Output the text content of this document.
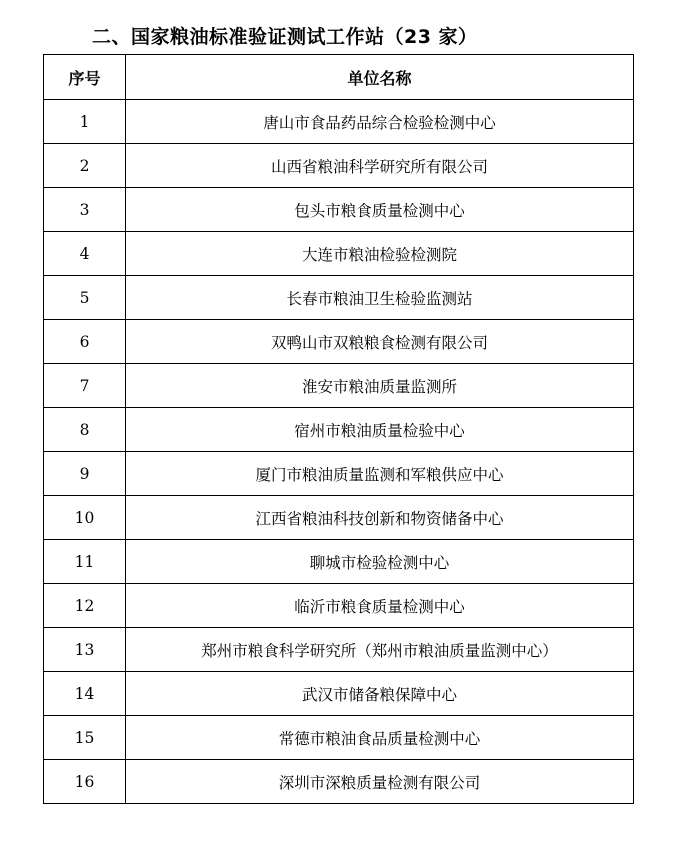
二、国家粮油标准验证测试工作站（23 家）
序号	单位名称
1	唐山市食品药品综合检验检测中心
2	山西省粮油科学研究所有限公司
3	包头市粮食质量检测中心
4	大连市粮油检验检测院
5	长春市粮油卫生检验监测站
6	双鸭山市双粮粮食检测有限公司
7	淮安市粮油质量监测所
8	宿州市粮油质量检验中心
9	厦门市粮油质量监测和军粮供应中心
10	江西省粮油科技创新和物资储备中心
11	聊城市检验检测中心
12	临沂市粮食质量检测中心
13	郑州市粮食科学研究所（郑州市粮油质量监测中心）
14	武汉市储备粮保障中心
15	常德市粮油食品质量检测中心
16	深圳市深粮质量检测有限公司
